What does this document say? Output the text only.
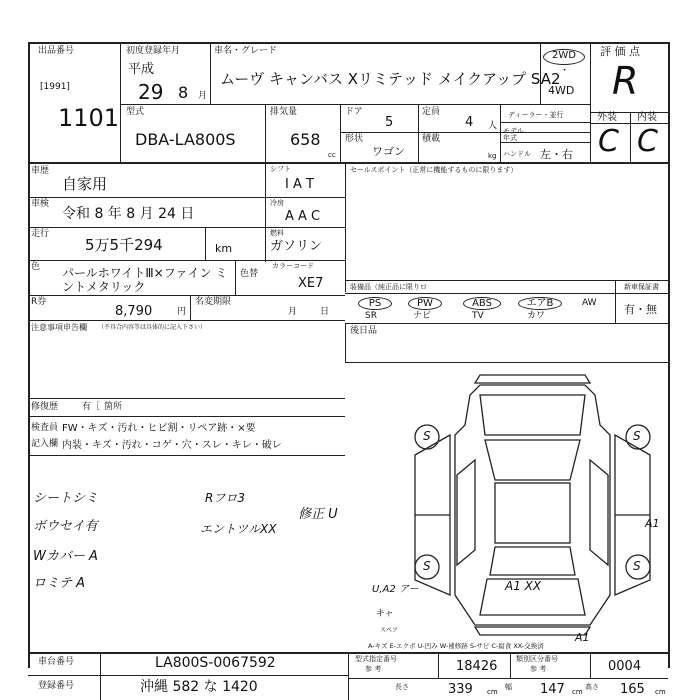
出品番号
[1991]
1101
初度登録年月
平成
29 8 月
車名・グレード
ムーヴ キャンバス Xリミテッド メイクアップ SA2
2WD
・
4WD
評 価 点
R
外装 内装
C C
型式
DBA-LA800S
排気量
658
cc
ドア
5
形状
ワゴン
定員
4 人
積載
kg
ディーラー・並行
モデル年式
ハンドル 左・右
車歴
自家用
車検
令和 8 年 8 月 24 日
走行
5万5千294	km
色 パールホワイトⅢ×ファイン ミントメタリック
色替
カラーコード
XE7
R券
8,790	円
名変期限
月	日
シフト
I A T
冷房
A A C
燃料
ガソリン
セールスポイント（正常に機能するものに限ります）
装備品（純正品に限りロ	新車保証書
PS	PW	ABS	エアB	AW
SR	ナビ	TV	カワ	有・無
後日品
注意事項申告欄 （不具合内容等は具体的に記入下さい）
修復歴	有［ 箇所
検査員
記入欄
FW・キズ・汚れ・ヒビ割・リペア跡・×要
内装・キズ・汚れ・コゲ・穴・スレ・キレ・破レ
シートシミ
ボウセイ有
Wカバー A
ロミテ A
Rフロ3
エントツルXX
修正 U
S	S
S	S
A1
U,A2 アー	A1 XX
A1
キャ
スペア
A-キズ E-エクボ U-凹み W-補修跡 S-サビ C-腐食 XX-交換済
車台番号	LA800S-0067592
登録番号	沖縄 582 な 1420
型式指定番号
参 考	18426	類別区分番号
参 考	0004
長さ	339 cm
幅 147 cm
高さ 165 cm
